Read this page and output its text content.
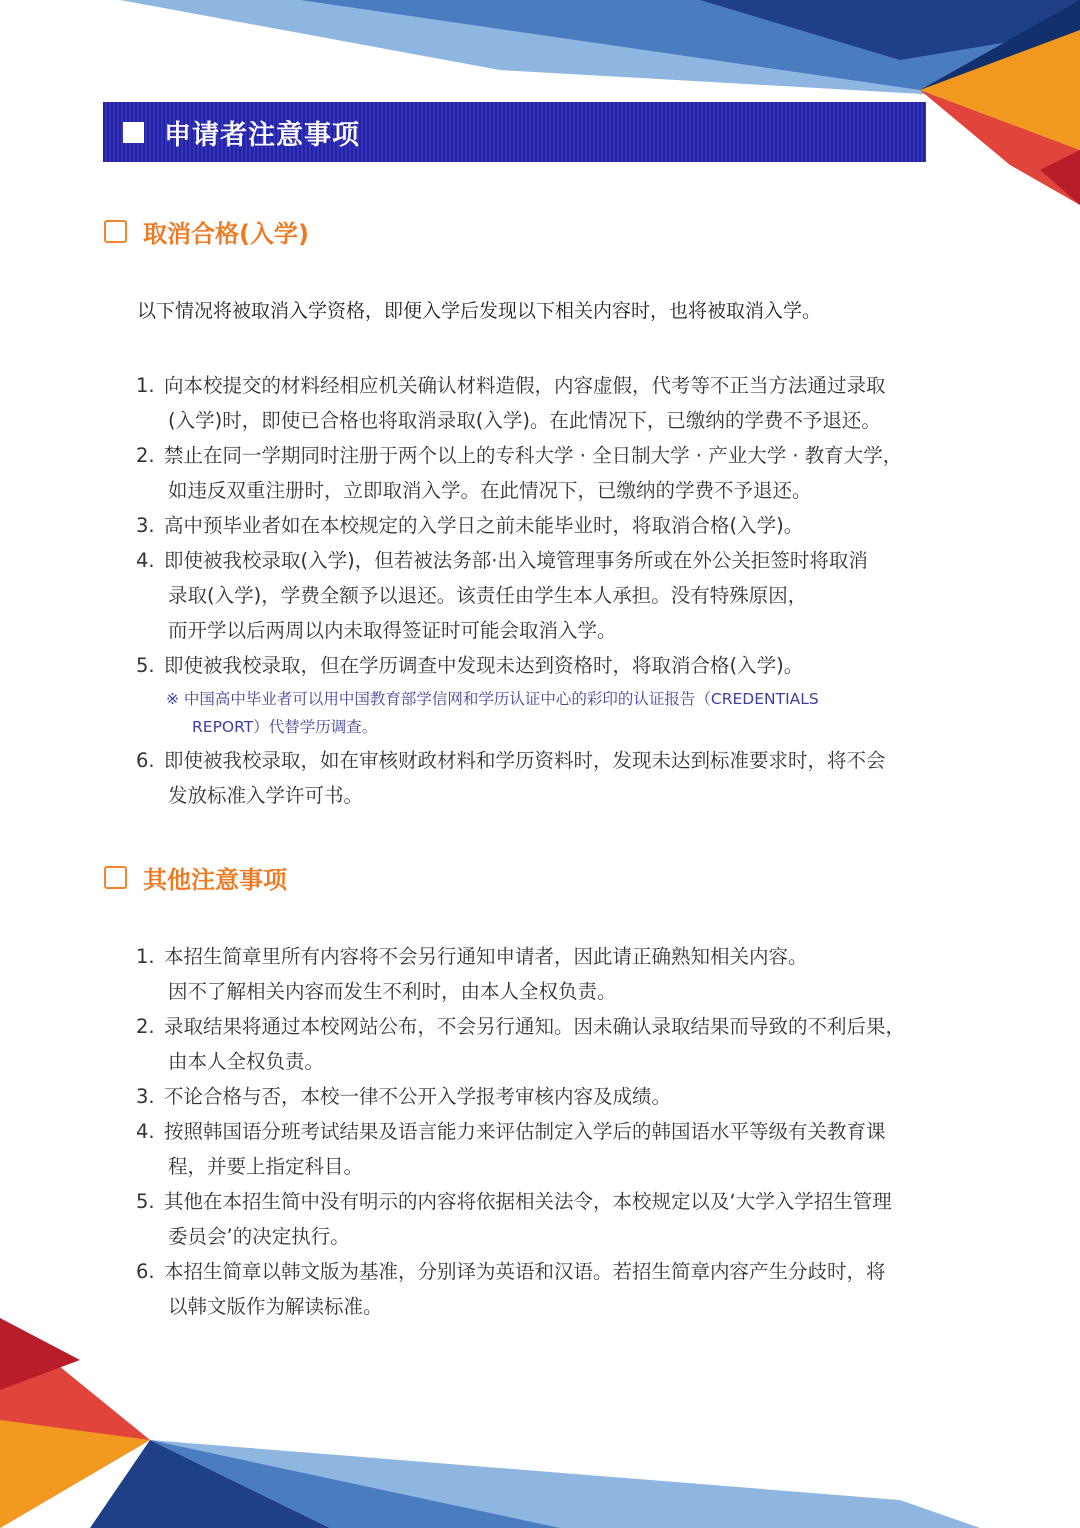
申请者注意事项
取消合格(入学)
以下情况将被取消入学资格，即便入学后发现以下相关内容时，也将被取消入学。
1. 向本校提交的材料经相应机关确认材料造假，内容虚假，代考等不正当方法通过录取
(入学)时，即使已合格也将取消录取(入学)。在此情况下，已缴纳的学费不予退还。
2. 禁止在同一学期同时注册于两个以上的专科大学 · 全日制大学 · 产业大学 · 教育大学，
如违反双重注册时，立即取消入学。在此情况下，已缴纳的学费不予退还。
3. 高中预毕业者如在本校规定的入学日之前未能毕业时，将取消合格(入学)。
4. 即使被我校录取(入学)，但若被法务部·出入境管理事务所或在外公关拒签时将取消
录取(入学)，学费全额予以退还。该责任由学生本人承担。没有特殊原因，
而开学以后两周以内未取得签证时可能会取消入学。
5. 即使被我校录取，但在学历调查中发现未达到资格时，将取消合格(入学)。
※ 中国高中毕业者可以用中国教育部学信网和学历认证中心的彩印的认证报告（CREDENTIALS
REPORT）代替学历调查。
6. 即使被我校录取，如在审核财政材料和学历资料时，发现未达到标准要求时，将不会
发放标准入学许可书。
其他注意事项
1. 本招生简章里所有内容将不会另行通知申请者，因此请正确熟知相关内容。
因不了解相关内容而发生不利时，由本人全权负责。
2. 录取结果将通过本校网站公布，不会另行通知。因未确认录取结果而导致的不利后果，
由本人全权负责。
3. 不论合格与否，本校一律不公开入学报考审核内容及成绩。
4. 按照韩国语分班考试结果及语言能力来评估制定入学后的韩国语水平等级有关教育课
程，并要上指定科目。
5. 其他在本招生简中没有明示的内容将依据相关法令，本校规定以及‘大学入学招生管理
委员会’的决定执行。
6. 本招生简章以韩文版为基准，分别译为英语和汉语。若招生简章内容产生分歧时，将
以韩文版作为解读标准。
